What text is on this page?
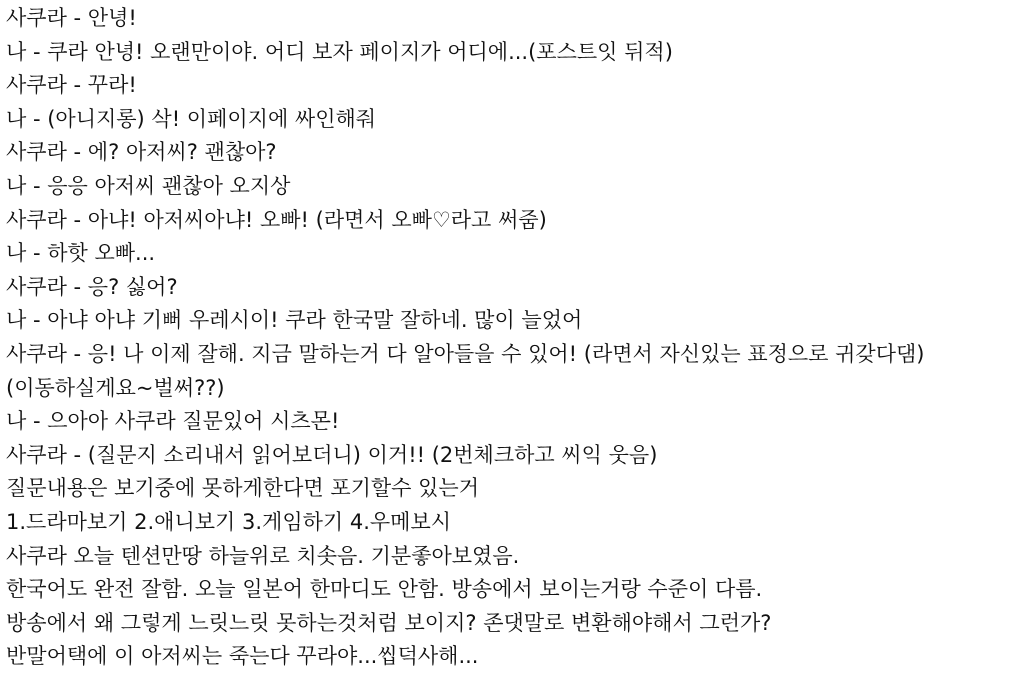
사쿠라 - 안녕!
나 - 쿠라 안녕! 오랜만이야. 어디 보자 페이지가 어디에...(포스트잇 뒤적)
사쿠라 - 꾸라!
나 - (아니지롱) 삭! 이페이지에 싸인해줘
사쿠라 - 에? 아저씨? 괜찮아?
나 - 응응 아저씨 괜찮아 오지상
사쿠라 - 아냐! 아저씨아냐! 오빠! (라면서 오빠♡라고 써줌)
나 - 하핫 오빠...
사쿠라 - 응? 싫어?
나 - 아냐 아냐 기뻐 우레시이! 쿠라 한국말 잘하네. 많이 늘었어
사쿠라 - 응! 나 이제 잘해. 지금 말하는거 다 알아들을 수 있어! (라면서 자신있는 표정으로 귀갖다댐)
(이동하실게요~벌써??)
나 - 으아아 사쿠라 질문있어 시츠몬!
사쿠라 - (질문지 소리내서 읽어보더니) 이거!! (2번체크하고 씨익 웃음)
질문내용은 보기중에 못하게한다면 포기할수 있는거
1.드라마보기 2.애니보기 3.게임하기 4.우메보시
사쿠라 오늘 텐션만땅 하늘위로 치솟음. 기분좋아보였음.
한국어도 완전 잘함. 오늘 일본어 한마디도 안함. 방송에서 보이는거랑 수준이 다름.
방송에서 왜 그렇게 느릿느릿 못하는것처럼 보이지? 존댓말로 변환해야해서 그런가?
반말어택에 이 아저씨는 죽는다 꾸라야...씹덕사해...
